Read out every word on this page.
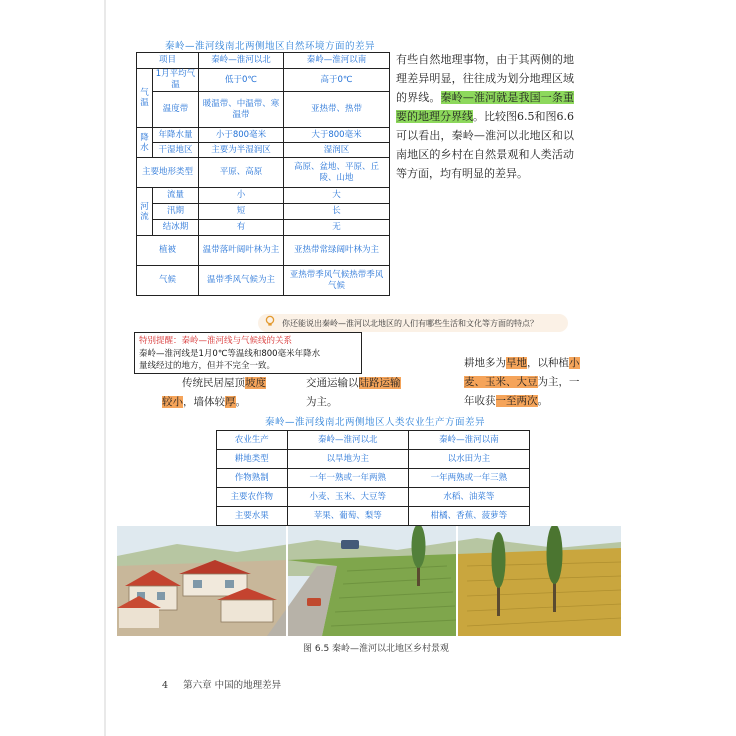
秦岭—淮河线南北两侧地区自然环境方面的差异
项目		秦岭—淮河以北	秦岭—淮河以南
气温	1月平均气温	低于0℃	高于0℃
	温度带	暖温带、中温带、寒温带	亚热带、热带
降水	年降水量	小于800毫米	大于800毫米
	干湿地区	主要为半湿润区	湿润区
主要地形类型		平原、高原	高原、盆地、平原、丘陵、山地
河流	流量	小	大
	汛期	短	长
	结冰期	有	无
植被		温带落叶阔叶林为主	亚热带常绿阔叶林为主
气候		温带季风气候为主	亚热带季风气候热带季风气候
有些自然地理事物，由于其两侧的地理差异明显，往往成为划分地理区域的界线。秦岭—淮河就是我国一条重要的地理分界线。比较图6.5和图6.6可以看出，秦岭—淮河以北地区和以南地区的乡村在自然景观和人类活动等方面，均有明显的差异。
你还能说出秦岭—淮河以北地区的人们有哪些生活和文化等方面的特点？
特别提醒：秦岭—淮河线与气候线的关系
秦岭—淮河线是1月0℃等温线和800毫米年降水
量线经过的地方，但并不完全一致。
传统民居屋顶坡度
较小，墙体较厚。
交通运输以陆路运输
为主。
耕地多为旱地，以种植小麦、玉米、大豆为主，一年收获一至两次。
秦岭—淮河线南北两侧地区人类农业生产方面差异
农业生产	秦岭—淮河以北	秦岭—淮河以南
耕地类型	以旱地为主	以水田为主
作物熟制	一年一熟或一年两熟	一年两熟或一年三熟
主要农作物	小麦、玉米、大豆等	水稻、油菜等
主要水果	苹果、葡萄、梨等	柑橘、香蕉、菠萝等
图 6.5 秦岭—淮河以北地区乡村景观
4 第六章 中国的地理差异
